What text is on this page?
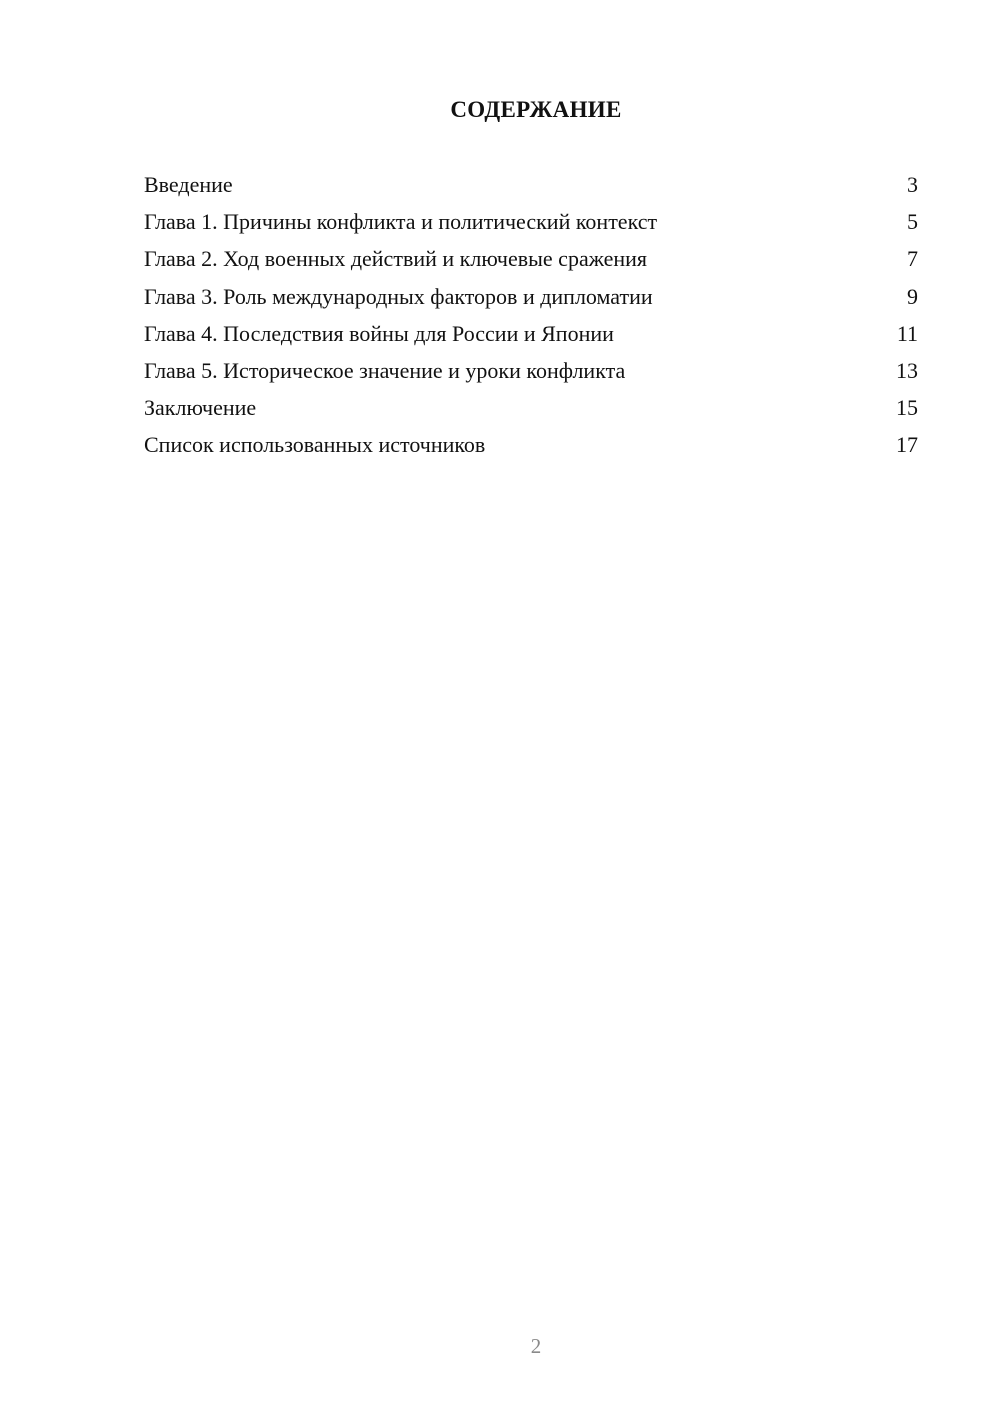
СОДЕРЖАНИЕ
Введение	3
Глава 1. Причины конфликта и политический контекст	5
Глава 2. Ход военных действий и ключевые сражения	7
Глава 3. Роль международных факторов и дипломатии	9
Глава 4. Последствия войны для России и Японии	11
Глава 5. Историческое значение и уроки конфликта	13
Заключение	15
Список использованных источников	17
2
